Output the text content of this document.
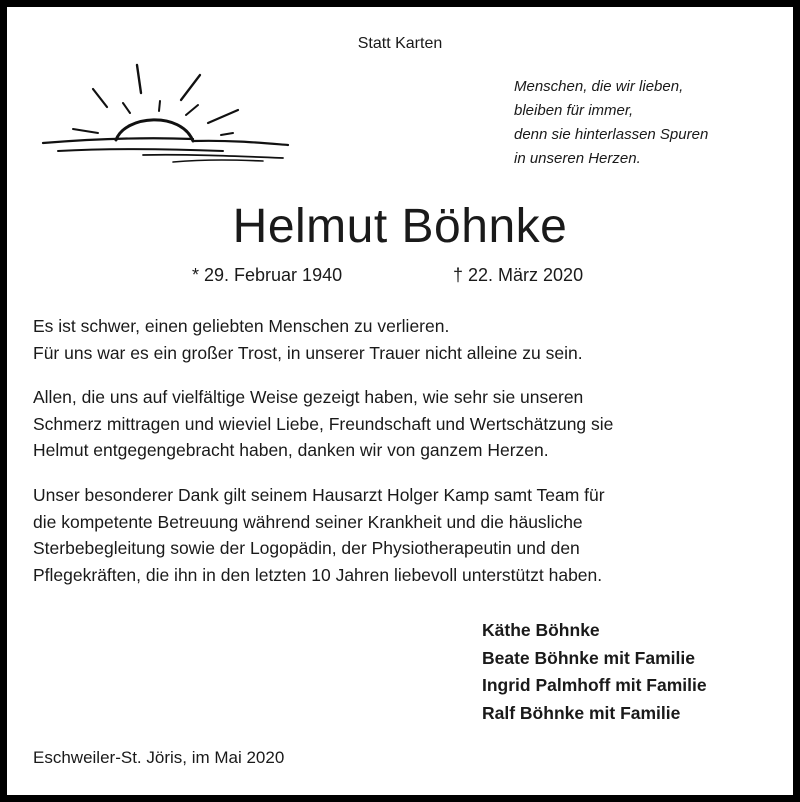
Statt Karten
Menschen, die wir lieben,
bleiben für immer,
denn sie hinterlassen Spuren
in unseren Herzen.
Helmut Böhnke
* 29. Februar 1940	† 22. März 2020
Es ist schwer, einen geliebten Menschen zu verlieren.
Für uns war es ein großer Trost, in unserer Trauer nicht alleine zu sein.
Allen, die uns auf vielfältige Weise gezeigt haben, wie sehr sie unseren
Schmerz mittragen und wieviel Liebe, Freundschaft und Wertschätzung sie
Helmut entgegengebracht haben, danken wir von ganzem Herzen.
Unser besonderer Dank gilt seinem Hausarzt Holger Kamp samt Team für
die kompetente Betreuung während seiner Krankheit und die häusliche
Sterbebegleitung sowie der Logopädin, der Physiotherapeutin und den
Pflegekräften, die ihn in den letzten 10 Jahren liebevoll unterstützt haben.
Käthe Böhnke
Beate Böhnke mit Familie
Ingrid Palmhoff mit Familie
Ralf Böhnke mit Familie
Eschweiler-St. Jöris, im Mai 2020
